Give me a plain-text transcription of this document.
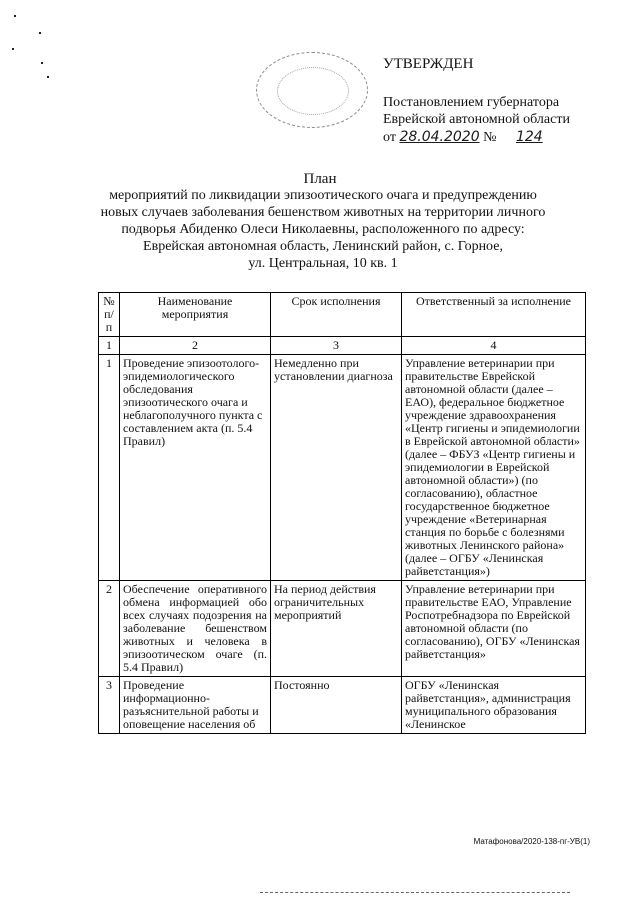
УТВЕРЖДЕН
Постановлением губернатора
Еврейской автономной области
от 28.04.2020 № 124
План
мероприятий по ликвидации эпизоотического очага и предупреждению
новых случаев заболевания бешенством животных на территории личного
подворья Абиденко Олеси Николаевны, расположенного по адресу:
Еврейская автономная область, Ленинский район, с. Горное,
ул. Центральная, 10 кв. 1
№ п/п	Наименование мероприятия	Срок исполнения	Ответственный за исполнение
1	2	3	4
1	Проведение эпизоотолого-эпидемиологического обследования эпизоотического очага и неблагополучного пункта с составлением акта (п. 5.4 Правил)	Немедленно при установлении диагноза	Управление ветеринарии при правительстве Еврейской автономной области (далее – ЕАО), федеральное бюджетное учреждение здравоохранения «Центр гигиены и эпидемиологии в Еврейской автономной области» (далее – ФБУЗ «Центр гигиены и эпидемиологии в Еврейской автономной области») (по согласованию), областное государственное бюджетное учреждение «Ветеринарная станция по борьбе с болезнями животных Ленинского района» (далее – ОГБУ «Ленинская райветстанция»)
2	Обеспечение оперативного обмена информацией обо всех случаях подозрения на заболевание бешенством животных и человека в эпизоотическом очаге (п. 5.4 Правил)	На период действия ограничительных мероприятий	Управление ветеринарии при правительстве ЕАО, Управление Роспотребнадзора по Еврейской автономной области (по согласованию), ОГБУ «Ленинская райветстанция»
3	Проведение информационно-разъяснительной работы и оповещение населения об	Постоянно	ОГБУ «Ленинская райветстанция», администрация муниципального образования «Ленинское
Матафонова/2020-138-пг-УВ(1)
